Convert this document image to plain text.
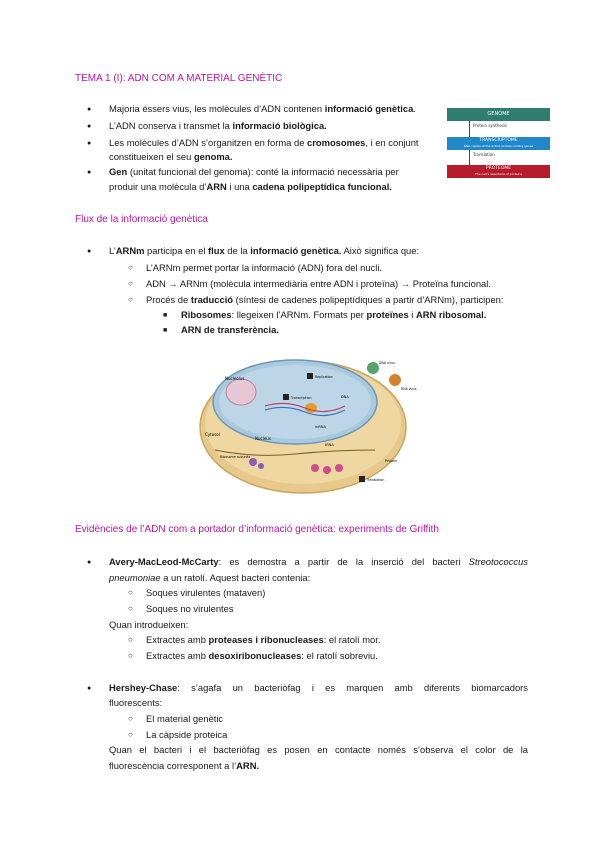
TEMA 1 (I): ADN COM A MATERIAL GENÈTIC
● Majoria éssers vius, les molècules d’ADN contenen informació genètica.
● L’ADN conserva i transmet la informació biològica.
● Les molècules d’ADN s’organitzen en forma de cromosomes, i en conjunt
constitueixen el seu genoma.
● Gen (unitat funcional del genoma): conté la informació necessària per
produir una molècula d’ARN i una cadena polipeptídica funcional.
GENOME
Protein synthesis
TRANSCRIPTOME
RNA copies of the active protein-coding genes
Translation
PROTEOME
The cell’s repertoire of proteins
Flux de la informació genètica
● L’ARNm participa en el flux de la informació genètica. Això significa que:
○ L’ARNm permet portar la informació (ADN) fora del nucli.
○ ADN → ARNm (molècula intermediària entre ADN i proteïna) → Proteïna funcional.
○ Procés de traducció (síntesi de cadenes polipeptídiques a partir d’ARNm), participen:
■ Ribosomes: llegeixen l’ARNm. Formats per proteïnes i ARN ribosomal.
■ ARN de transferència.
Nucleolus
Nucleus
Cytosol
Ribosome subunits
DNA
mRNA
tRNA
Protein
DNA virus
RNA virus
Transcription
Replication
Translation
Evidències de l’ADN com a portador d’informació genètica: experiments de Griffith
● Avery-MacLeod-McCarty: es demostra a partir de la inserció del bacteri Streotococcus
pneumoniae a un ratolí. Aquest bacteri contenia:
○ Soques virulentes (mataven)
○ Soques no virulentes
Quan introdueixen:
○ Extractes amb proteases i ribonucleases: el ratolí mor.
○ Extractes amb desoxiribonucleases: el ratolí sobreviu.
● Hershey-Chase: s’agafa un bacteriòfag i es marquen amb diferents biomarcadors
fluorescents:
○ El material genètic
○ La càpside proteica
Quan el bacteri i el bacteriòfag es posen en contacte només s’observa el color de la
fluorescència corresponent a l’ARN.
